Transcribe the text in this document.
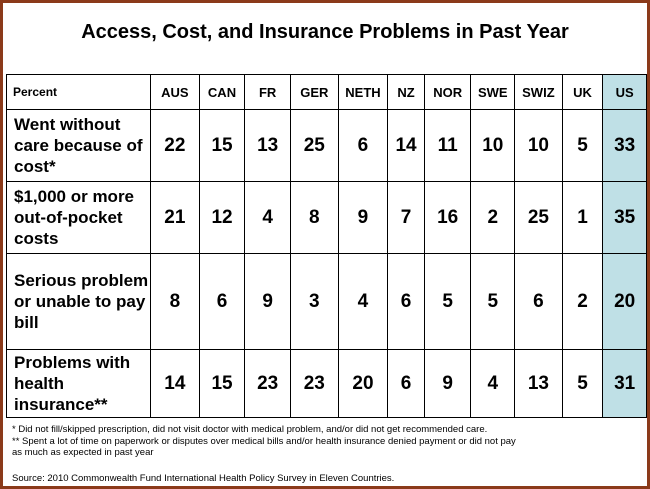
Access, Cost, and Insurance Problems in Past Year
Percent	AUS	CAN	FR	GER	NETH	NZ	NOR	SWE	SWIZ	UK	US
Went without care because of cost*	22	15	13	25	6	14	11	10	10	5	33
$1,000 or more out-of-pocket costs	21	12	4	8	9	7	16	2	25	1	35
Serious problem or unable to pay bill	8	6	9	3	4	6	5	5	6	2	20
Problems with health insurance**	14	15	23	23	20	6	9	4	13	5	31
* Did not fill/skipped prescription, did not visit doctor with medical problem, and/or did not get recommended care.
** Spent a lot of time on paperwork or disputes over medical bills and/or health insurance denied payment or did not pay
as much as expected in past year
Source: 2010 Commonwealth Fund International Health Policy Survey in Eleven Countries.
